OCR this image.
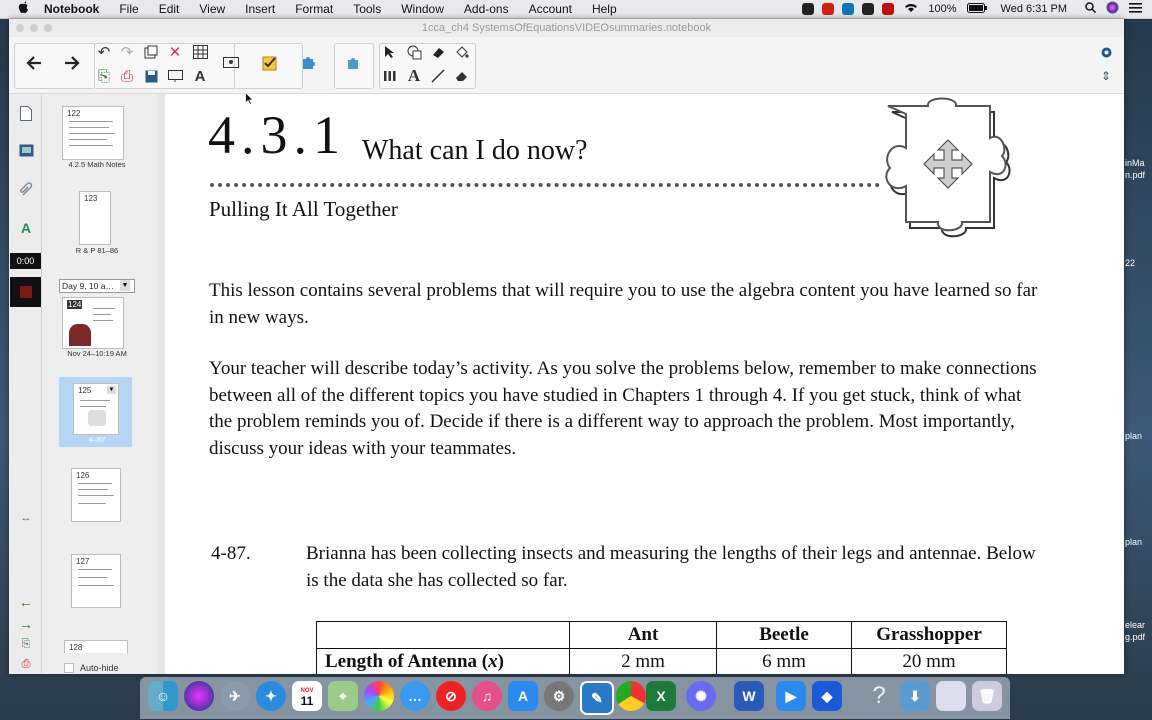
Notebook File Edit View Insert Format Tools Window Add-ons Account Help	100%	Wed 6:31 PM
1cca_ch4 SystemsOfEquationsVIDEOsummaries.notebook
↶ ↷	✕
⎘ ⎙	A	A	⇕
A
↔
←
→
⎘
⎙
0:00
122
4.2.5 Math Notes
123
R & P 81–86
Day 9, 10 a…	▼
124
Nov 24–10:19 AM
125	▼
4–87
126
127
128
Auto-hide
4.3.1 What can I do now?
Pulling It All Together
This lesson contains several problems that will require you to use the algebra content you have learned so far in new ways.
Your teacher will describe today’s activity. As you solve the problems below, remember to make connections between all of the different topics you have studied in Chapters 1 through 4. If you get stuck, think of what the problem reminds you of. Decide if there is a different way to approach the problem. Most importantly, discuss your ideas with your teammates.
4-87.	Brianna has been collecting insects and measuring the lengths of their legs and antennae. Below is the data she has collected so far.
	Ant	Beetle	Grasshopper
Length of Antenna (x)	2 mm	6 mm	20 mm

inMa
n.pdf
22
plan
plan
elear
g.pdf
☺	✈	✦	NOV
11	⌖	…	⊘	♫	A	⚙	✎	X	✺	W	▶	◆	?	⬇	🗑
